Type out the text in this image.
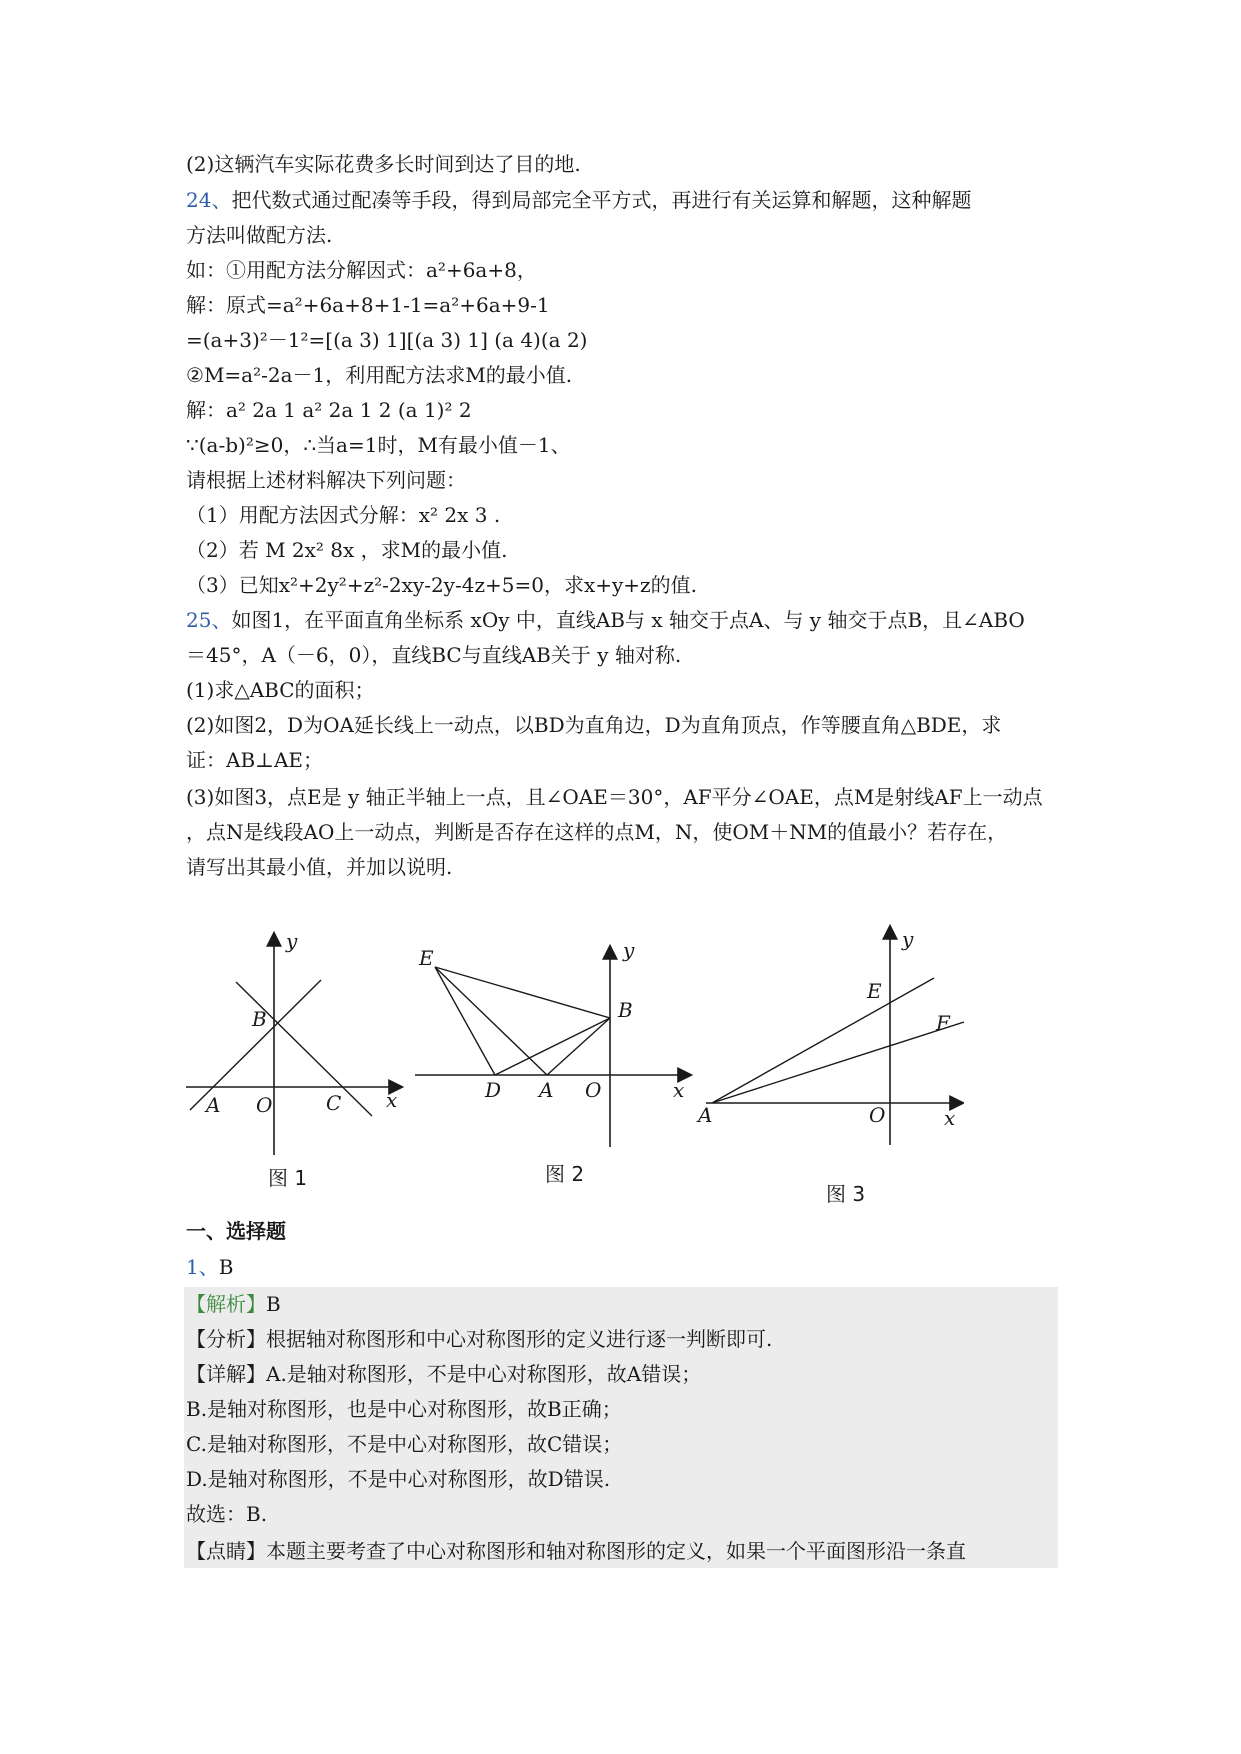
(2)这辆汽车实际花费多长时间到达了目的地.
24、把代数式通过配凑等手段，得到局部完全平方式，再进行有关运算和解题，这种解题
方法叫做配方法.
如：①用配方法分解因式：a²+6a+8，
解：原式=a²+6a+8+1-1=a²+6a+9-1
=(a+3)²－1²=[(a 3) 1][(a 3) 1] (a 4)(a 2)
②M=a²-2a－1，利用配方法求M的最小值.
解：a² 2a 1 a² 2a 1 2 (a 1)² 2
∵(a-b)²≥0，∴当a=1时，M有最小值－1、
请根据上述材料解决下列问题：
（1）用配方法因式分解：x² 2x 3 .
（2）若 M 2x² 8x ，求M的最小值.
（3）已知x²+2y²+z²-2xy-2y-4z+5=0，求x+y+z的值.
25、如图1，在平面直角坐标系 xOy 中，直线AB与 x 轴交于点A、与 y 轴交于点B，且∠ABO
＝45°，A（－6，0），直线BC与直线AB关于 y 轴对称.
(1)求△ABC的面积；
(2)如图2，D为OA延长线上一动点，以BD为直角边，D为直角顶点，作等腰直角△BDE，求
证：AB⊥AE；
(3)如图3，点E是 y 轴正半轴上一点，且∠OAE＝30°，AF平分∠OAE，点M是射线AF上一动点
，点N是线段AO上一动点，判断是否存在这样的点M，N，使OM＋NM的值最小？若存在，
请写出其最小值，并加以说明.
y
x
B
A O	C
图 1
y
x
E
B
D A O
图 2
y
x
E
F
A	O
图 3
一、选择题
1、B
【解析】B
【分析】根据轴对称图形和中心对称图形的定义进行逐一判断即可.
【详解】A.是轴对称图形，不是中心对称图形，故A错误；
B.是轴对称图形，也是中心对称图形，故B正确；
C.是轴对称图形，不是中心对称图形，故C错误；
D.是轴对称图形，不是中心对称图形，故D错误.
故选：B.
【点睛】本题主要考查了中心对称图形和轴对称图形的定义，如果一个平面图形沿一条直
